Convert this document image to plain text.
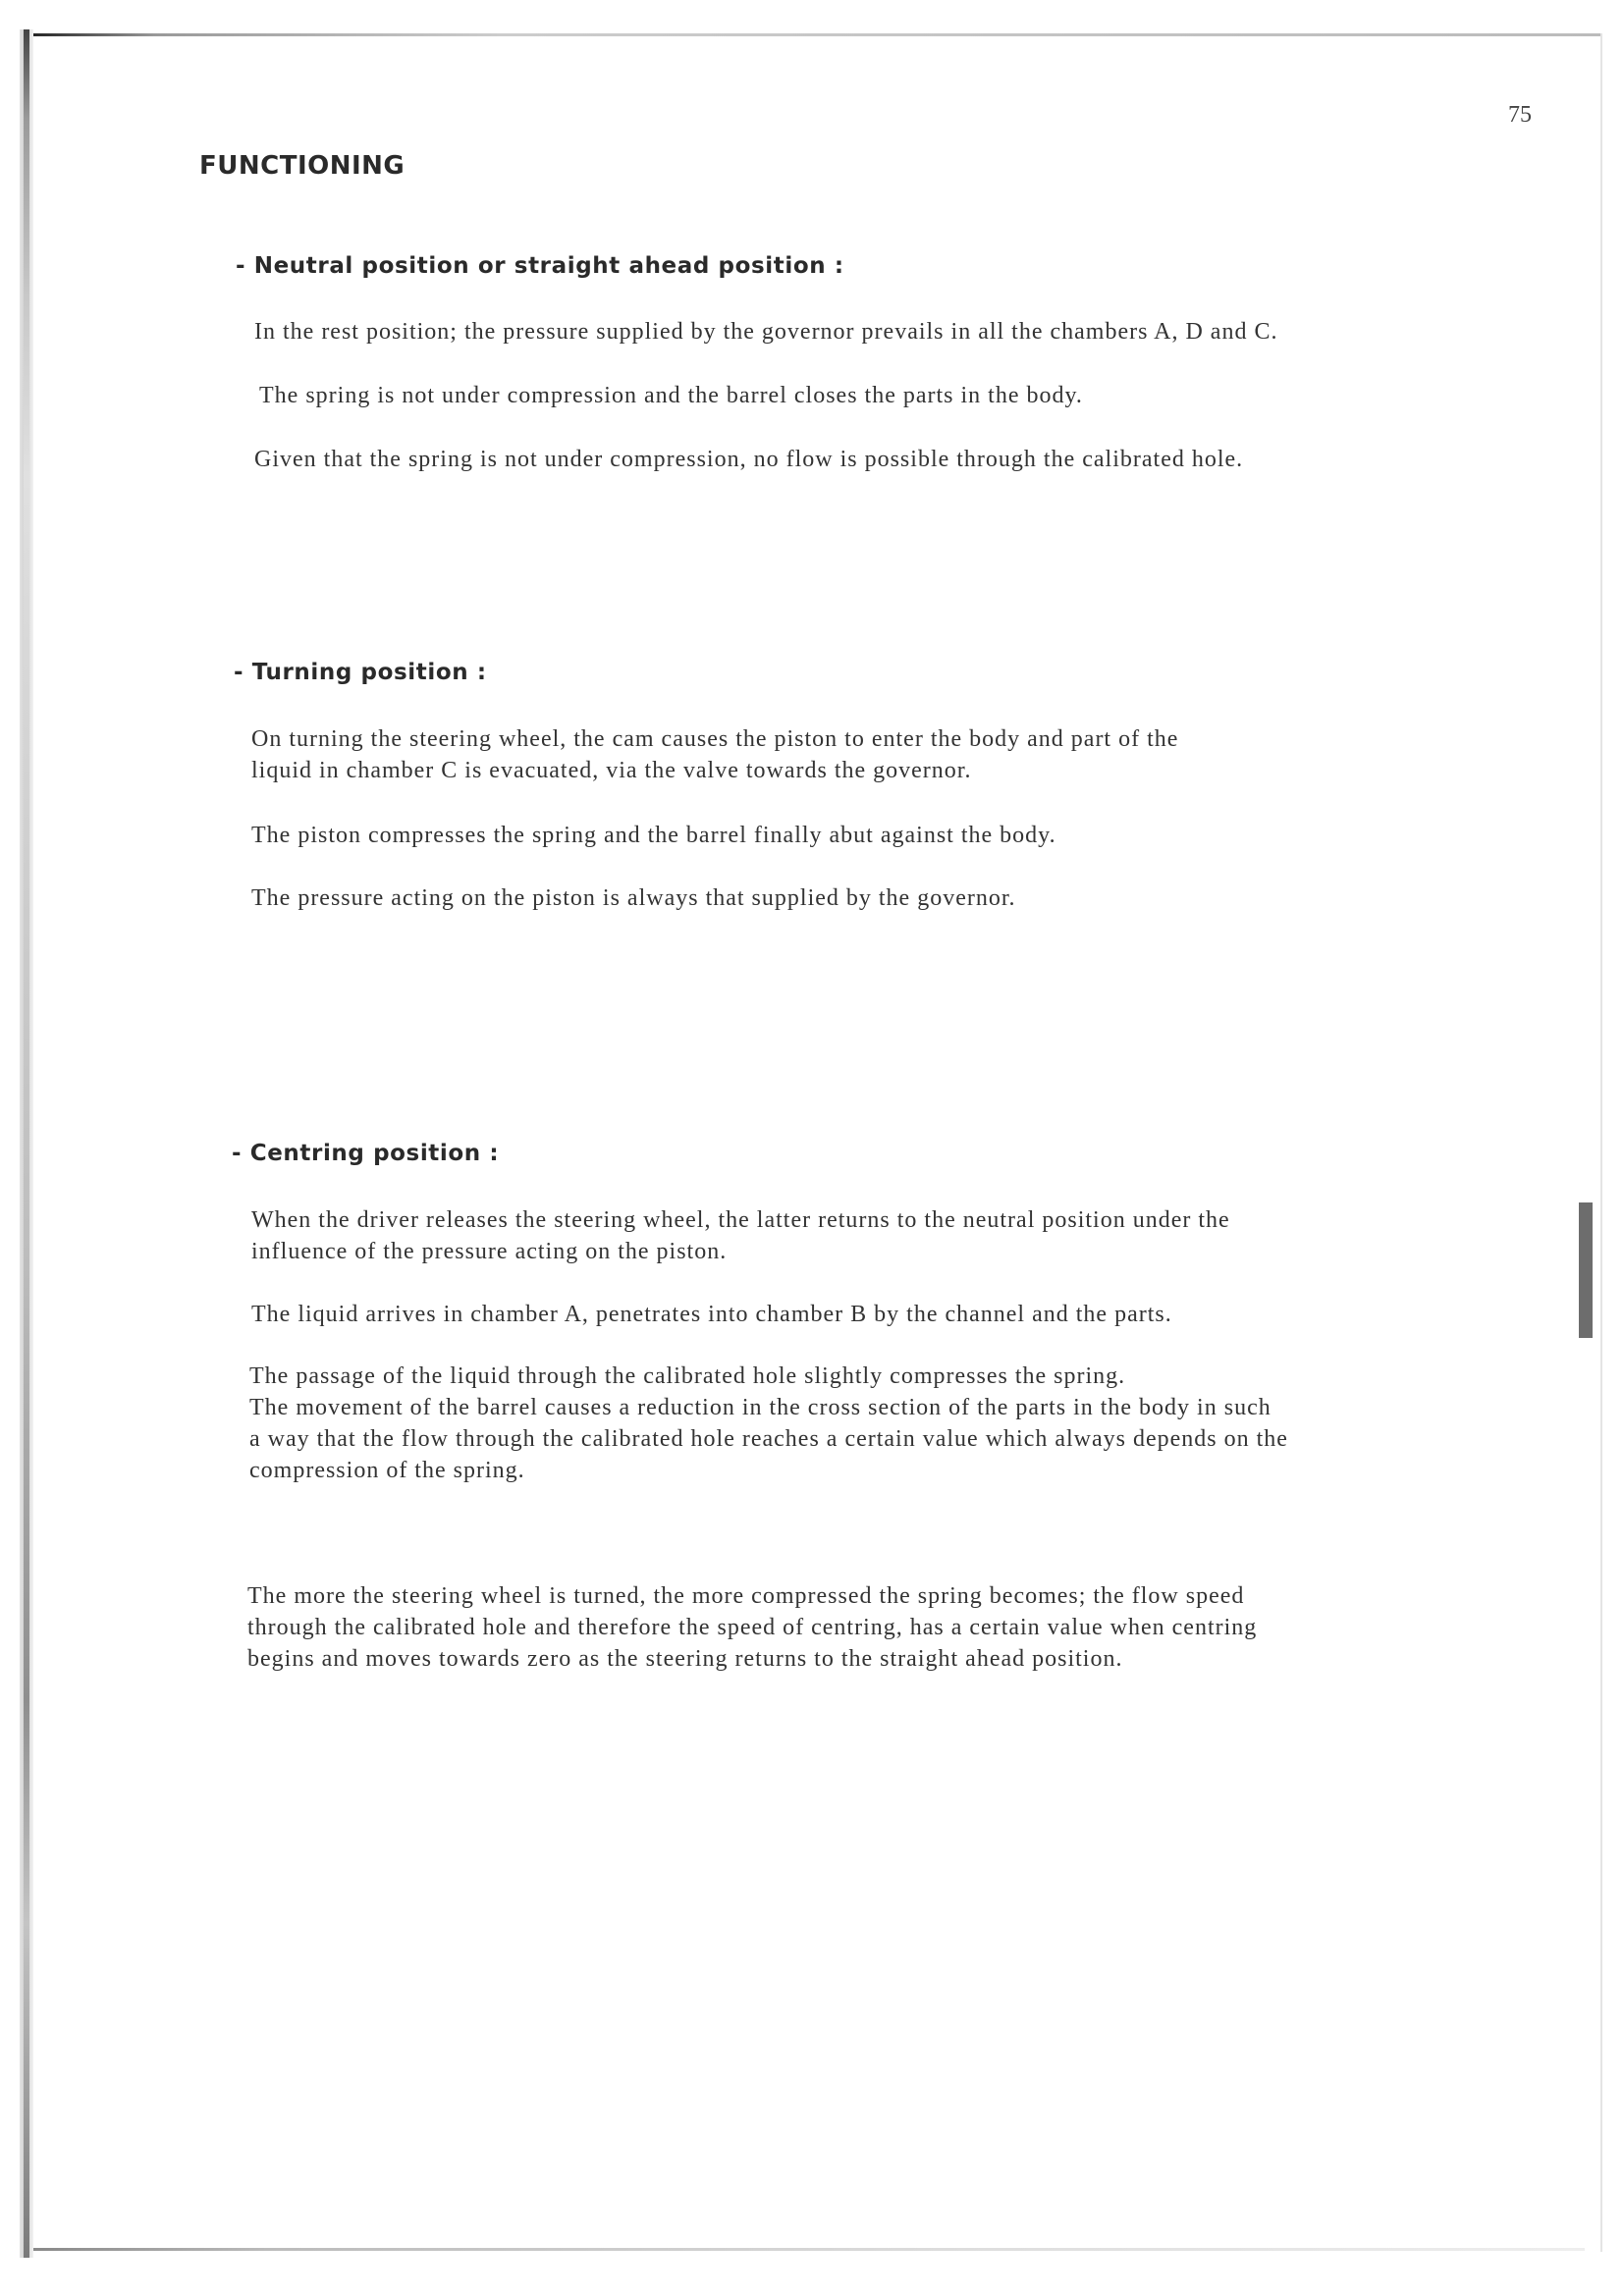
75
FUNCTIONING
- Neutral position or straight ahead position :
In the rest position; the pressure supplied by the governor prevails in all the chambers A, D and C.
The spring is not under compression and the barrel closes the parts in the body.
Given that the spring is not under compression, no flow is possible through the calibrated hole.
- Turning position :
On turning the steering wheel, the cam causes the piston to enter the body and part of the
liquid in chamber C is evacuated, via the valve towards the governor.
The piston compresses the spring and the barrel finally abut against the body.
The pressure acting on the piston is always that supplied by the governor.
- Centring position :
When the driver releases the steering wheel, the latter returns to the neutral position under the
influence of the pressure acting on the piston.
The liquid arrives in chamber A, penetrates into chamber B by the channel and the parts.
The passage of the liquid through the calibrated hole slightly compresses the spring.
The movement of the barrel causes a reduction in the cross section of the parts in the body in such
a way that the flow through the calibrated hole reaches a certain value which always depends on the
compression of the spring.
The more the steering wheel is turned, the more compressed the spring becomes; the flow speed
through the calibrated hole and therefore the speed of centring, has a certain value when centring
begins and moves towards zero as the steering returns to the straight ahead position.
